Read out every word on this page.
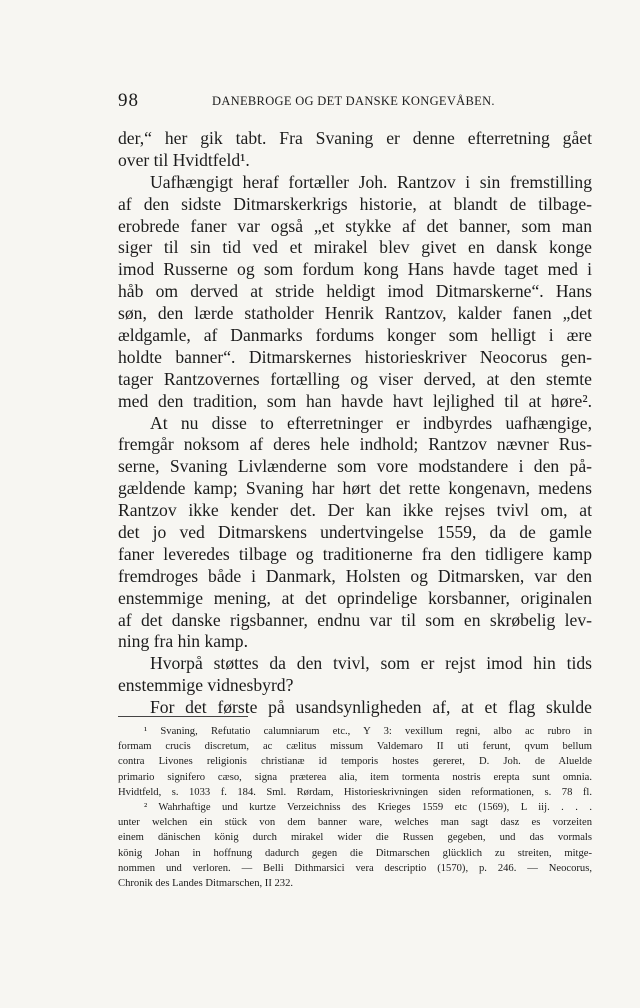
98	DANEBROGE OG DET DANSKE KONGEVÅBEN.
der,“ her gik tabt. Fra Svaning er denne efterretning gået
over til Hvidtfeld¹.
Uafhængigt heraf fortæller Joh. Rantzov i sin fremstilling
af den sidste Ditmarskerkrigs historie, at blandt de tilbage-
erobrede faner var også „et stykke af det banner, som man
siger til sin tid ved et mirakel blev givet en dansk konge
imod Russerne og som fordum kong Hans havde taget med i
håb om derved at stride heldigt imod Ditmarskerne“. Hans
søn, den lærde statholder Henrik Rantzov, kalder fanen „det
ældgamle, af Danmarks fordums konger som helligt i ære
holdte banner“. Ditmarskernes historieskriver Neocorus gen-
tager Rantzovernes fortælling og viser derved, at den stemte
med den tradition, som han havde havt lejlighed til at høre².
At nu disse to efterretninger er indbyrdes uafhængige,
fremgår noksom af deres hele indhold; Rantzov nævner Rus-
serne, Svaning Livlænderne som vore modstandere i den på-
gældende kamp; Svaning har hørt det rette kongenavn, medens
Rantzov ikke kender det. Der kan ikke rejses tvivl om, at
det jo ved Ditmarskens undertvingelse 1559, da de gamle
faner leveredes tilbage og traditionerne fra den tidligere kamp
fremdroges både i Danmark, Holsten og Ditmarsken, var den
enstemmige mening, at det oprindelige korsbanner, originalen
af det danske rigsbanner, endnu var til som en skrøbelig lev-
ning fra hin kamp.
Hvorpå støttes da den tvivl, som er rejst imod hin tids
enstemmige vidnesbyrd?
For det første på usandsynligheden af, at et flag skulde
¹ Svaning, Refutatio calumniarum etc., Y 3: vexillum regni, albo ac rubro in
formam crucis discretum, ac cælitus missum Valdemaro II uti ferunt, qvum bellum
contra Livones religionis christianæ id temporis hostes gereret, D. Joh. de Aluelde
primario signifero cæso, signa præterea alia, item tormenta nostris erepta sunt omnia.
Hvidtfeld, s. 1033 f. 184. Sml. Rørdam, Historieskrivningen siden reformationen, s. 78 fl.
² Wahrhaftige und kurtze Verzeichniss des Krieges 1559 etc (1569), L iij. . . .
unter welchen ein stück von dem banner ware, welches man sagt dasz es vorzeiten
einem dänischen könig durch mirakel wider die Russen gegeben, und das vormals
könig Johan in hoffnung dadurch gegen die Ditmarschen glücklich zu streiten, mitge-
nommen und verloren. — Belli Dithmarsici vera descriptio (1570), p. 246. — Neocorus,
Chronik des Landes Ditmarschen, II 232.
